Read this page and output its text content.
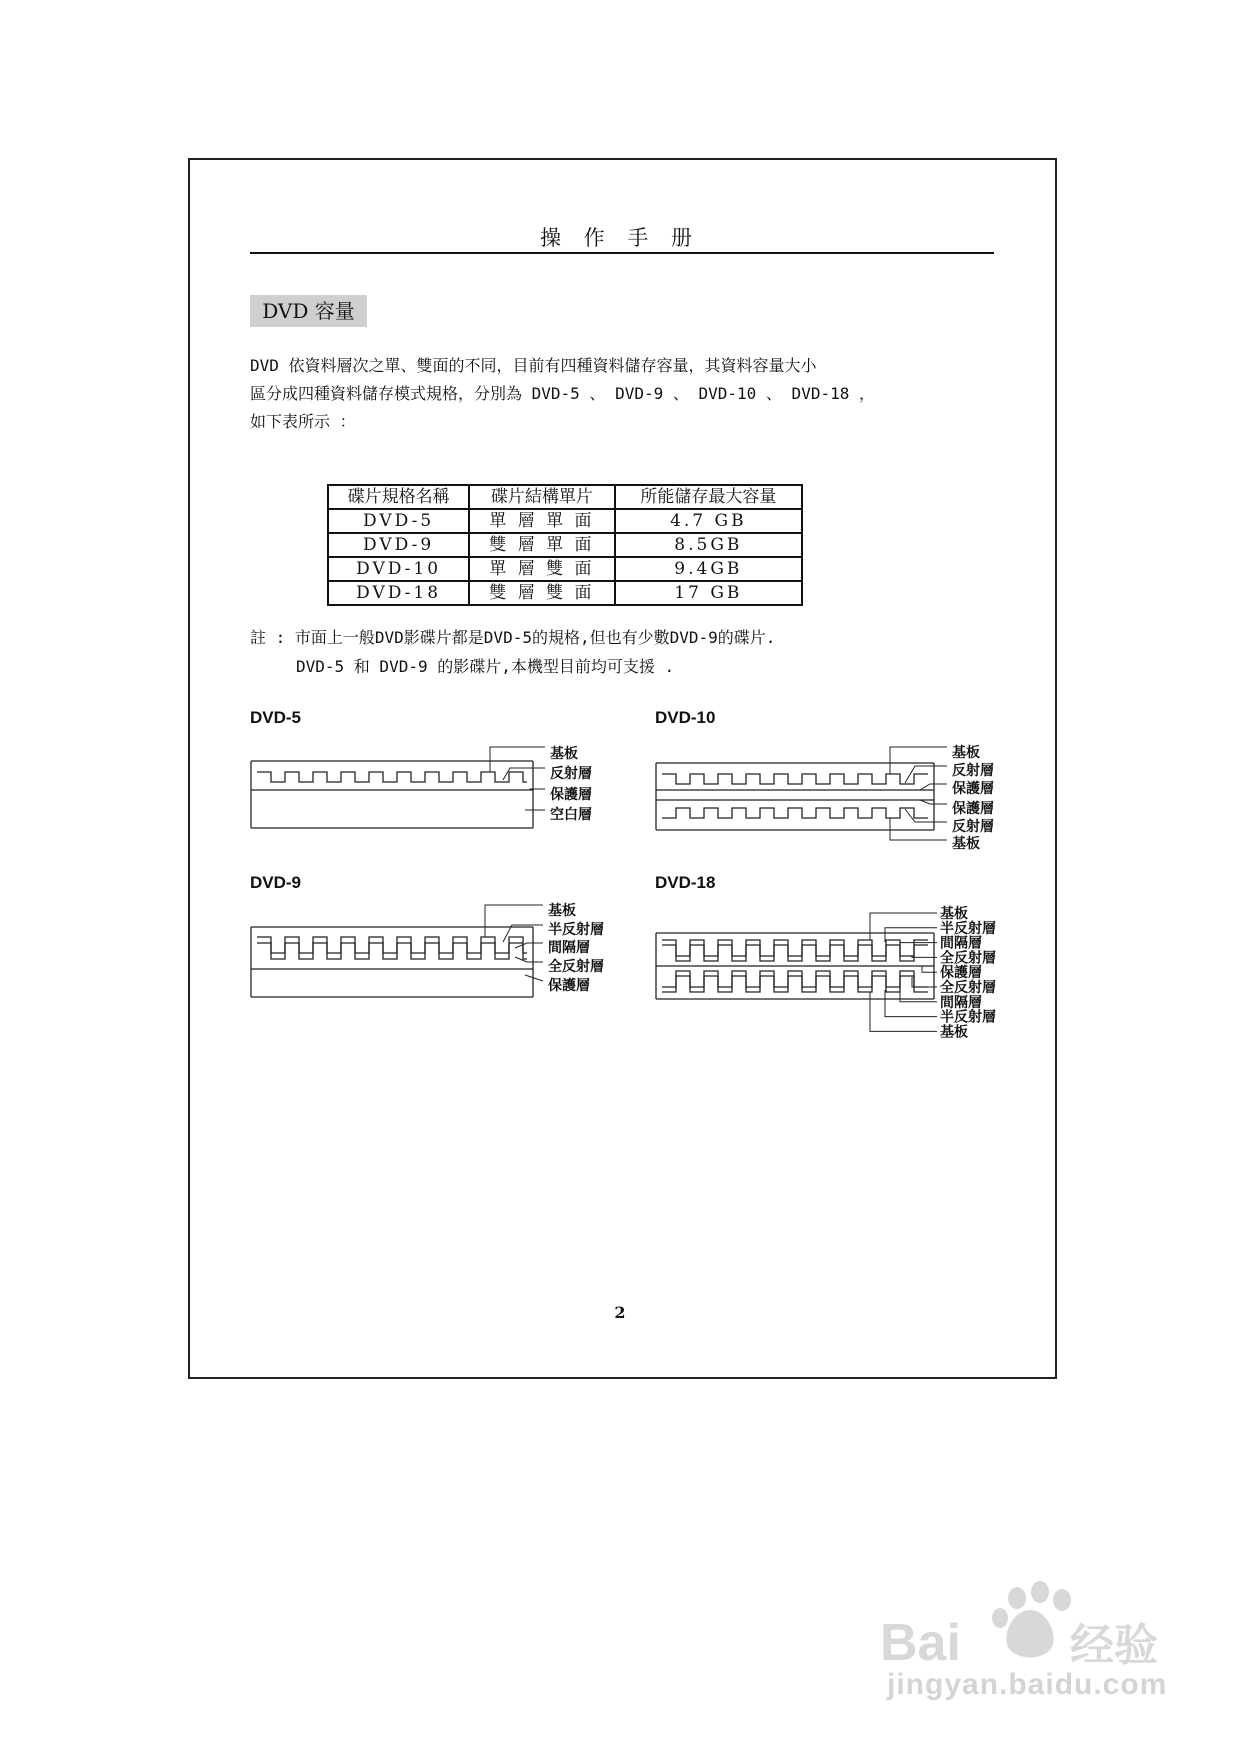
操 作 手 册
DVD 容量
DVD 依資料層次之單、雙面的不同，目前有四種資料儲存容量，其資料容量大小
區分成四種資料儲存模式規格，分別為 DVD-5 、 DVD-9 、 DVD-10 、 DVD-18 ，
如下表所示 ：
碟片規格名稱	碟片結構單片	所能儲存最大容量
DVD-5	單 層 單 面	4.7 GB
DVD-9	雙 層 單 面	8.5GB
DVD-10	單 層 雙 面	9.4GB
DVD-18	雙 層 雙 面	17 GB
註 : 市面上一般DVD影碟片都是DVD-5的規格,但也有少數DVD-9的碟片.
DVD-5 和 DVD-9 的影碟片,本機型目前均可支援 .
DVD-5	DVD-10
DVD-9	DVD-18
基板
反射層
保護層
空白層
基板
反射層
保護層
保護層
反射層
基板
基板
半反射層
間隔層
全反射層
保護層
基板
半反射層
間隔層
全反射層
保護層
全反射層
間隔層
半反射層
基板
2
Bai 经验
jingyan.baidu.com
